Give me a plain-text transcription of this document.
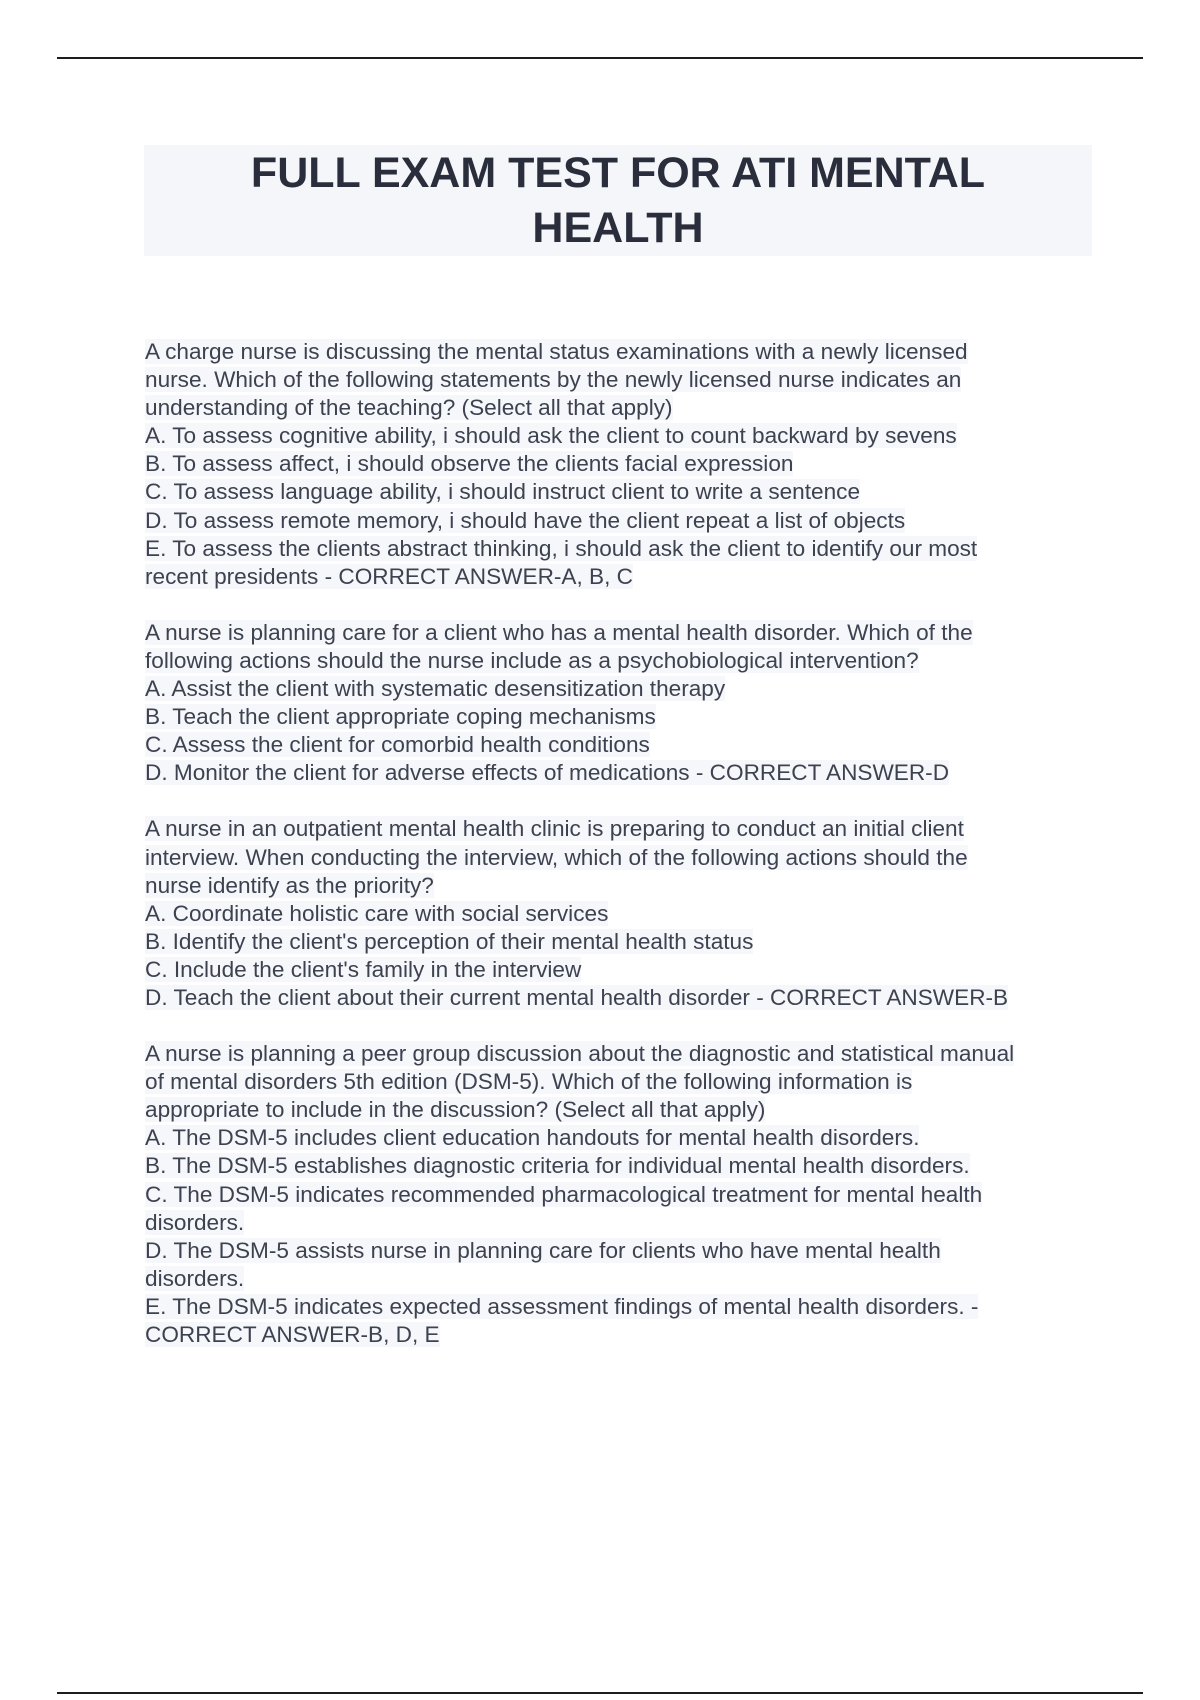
FULL EXAM TEST FOR ATI MENTAL
HEALTH
A charge nurse is discussing the mental status examinations with a newly licensed
nurse. Which of the following statements by the newly licensed nurse indicates an
understanding of the teaching? (Select all that apply)
A. To assess cognitive ability, i should ask the client to count backward by sevens
B. To assess affect, i should observe the clients facial expression
C. To assess language ability, i should instruct client to write a sentence
D. To assess remote memory, i should have the client repeat a list of objects
E. To assess the clients abstract thinking, i should ask the client to identify our most
recent presidents - CORRECT ANSWER-A, B, C
A nurse is planning care for a client who has a mental health disorder. Which of the
following actions should the nurse include as a psychobiological intervention?
A. Assist the client with systematic desensitization therapy
B. Teach the client appropriate coping mechanisms
C. Assess the client for comorbid health conditions
D. Monitor the client for adverse effects of medications - CORRECT ANSWER-D
A nurse in an outpatient mental health clinic is preparing to conduct an initial client
interview. When conducting the interview, which of the following actions should the
nurse identify as the priority?
A. Coordinate holistic care with social services
B. Identify the client's perception of their mental health status
C. Include the client's family in the interview
D. Teach the client about their current mental health disorder - CORRECT ANSWER-B
A nurse is planning a peer group discussion about the diagnostic and statistical manual
of mental disorders 5th edition (DSM-5). Which of the following information is
appropriate to include in the discussion? (Select all that apply)
A. The DSM-5 includes client education handouts for mental health disorders.
B. The DSM-5 establishes diagnostic criteria for individual mental health disorders.
C. The DSM-5 indicates recommended pharmacological treatment for mental health
disorders.
D. The DSM-5 assists nurse in planning care for clients who have mental health
disorders.
E. The DSM-5 indicates expected assessment findings of mental health disorders. -
CORRECT ANSWER-B, D, E
